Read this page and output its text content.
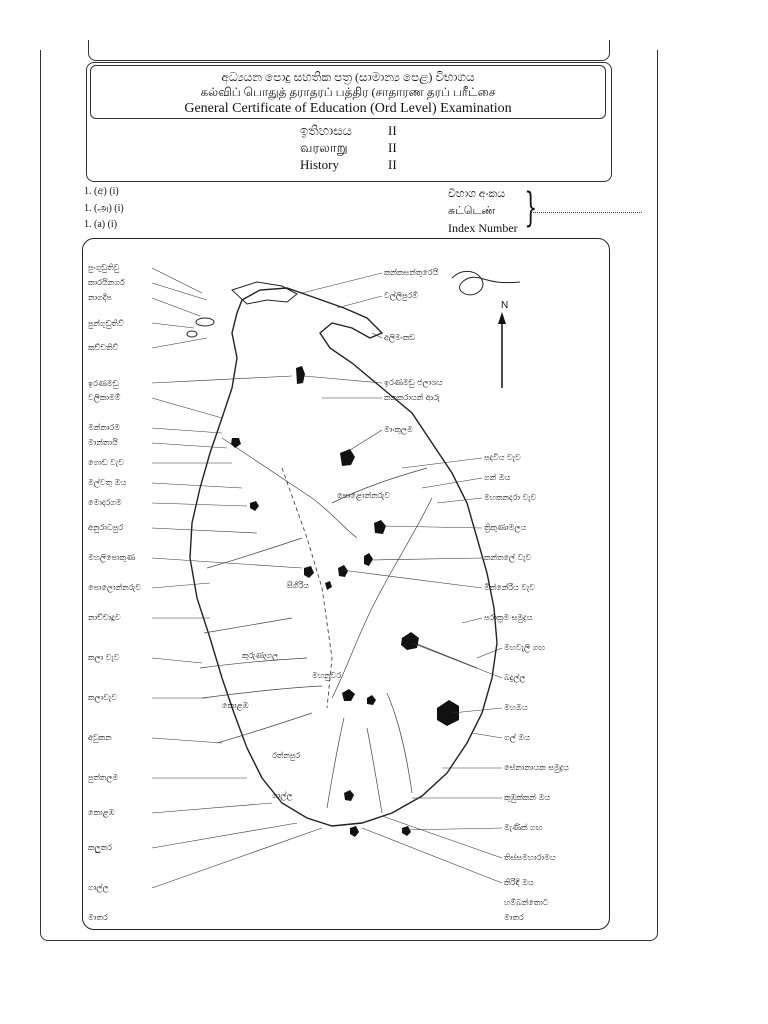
අධ්‍යයන පොදු සහතික පත්‍ර (සාමාන්‍ය පෙළ) විභාගය
கல்விப் பொதுத் தராதரப் பத்திர (சாதாரண தரப் பரீட்சை
General Certificate of Education (Ord Level) Examination
ඉතිහාසය
வரலாறு
History
II
II
II
1. (අ) (i)
1. (அ) (i)
1. (a) (i)
විභාග අංකය
சுட்டெண்
Index Number }
පුංගුඩුතිවු
කාරයිනගර්
නාගදීප
පුන්ගුඩුතිව්
කච්චතිව්
ඉරණමඩු
වලිකාමම්
මන්නාරම
මාන්තායි
ගොඩ වැව
මල්වතු ඔය
මොදරගම
අනුරාධපුර
මහලිපොකුණ
පොලොන්නරුව
නාච්චාදූව
කලා වැව
කලාවැව
අවුකන
පුත්තලම
කොළඹ
කලුතර
ගාල්ල
මාතර
කන්කසන්තුරෙයි
වල්ලිපුරම්
අලිමංකඩ
ඉරණමඩු ජලාශය
කනකරායන් ආරු
මාංකුලම
පදවිය වැව
ගන් ඔය
මහකනදරා වැව
ත්‍රිකුණාමලය
කන්තලේ වැව
මින්නේරිය වැව
පරාක්‍රම සමුද්‍රය
මහවැලි ගඟ
බදුල්ල
මහඔය
ගල් ඔය
සේනානායක සමුද්‍රය
කුඹුක්කන් ඔය
මැණික් ගඟ
තිස්සමහාරාමය
කිරිඳි ඔය
හම්බන්තොට
මාතර
පොළොන්නරුව
සීගිරිය
කුරුණෑගල
මහනුවර
රත්නපුර
කොළඹ
ගාල්ල
N
